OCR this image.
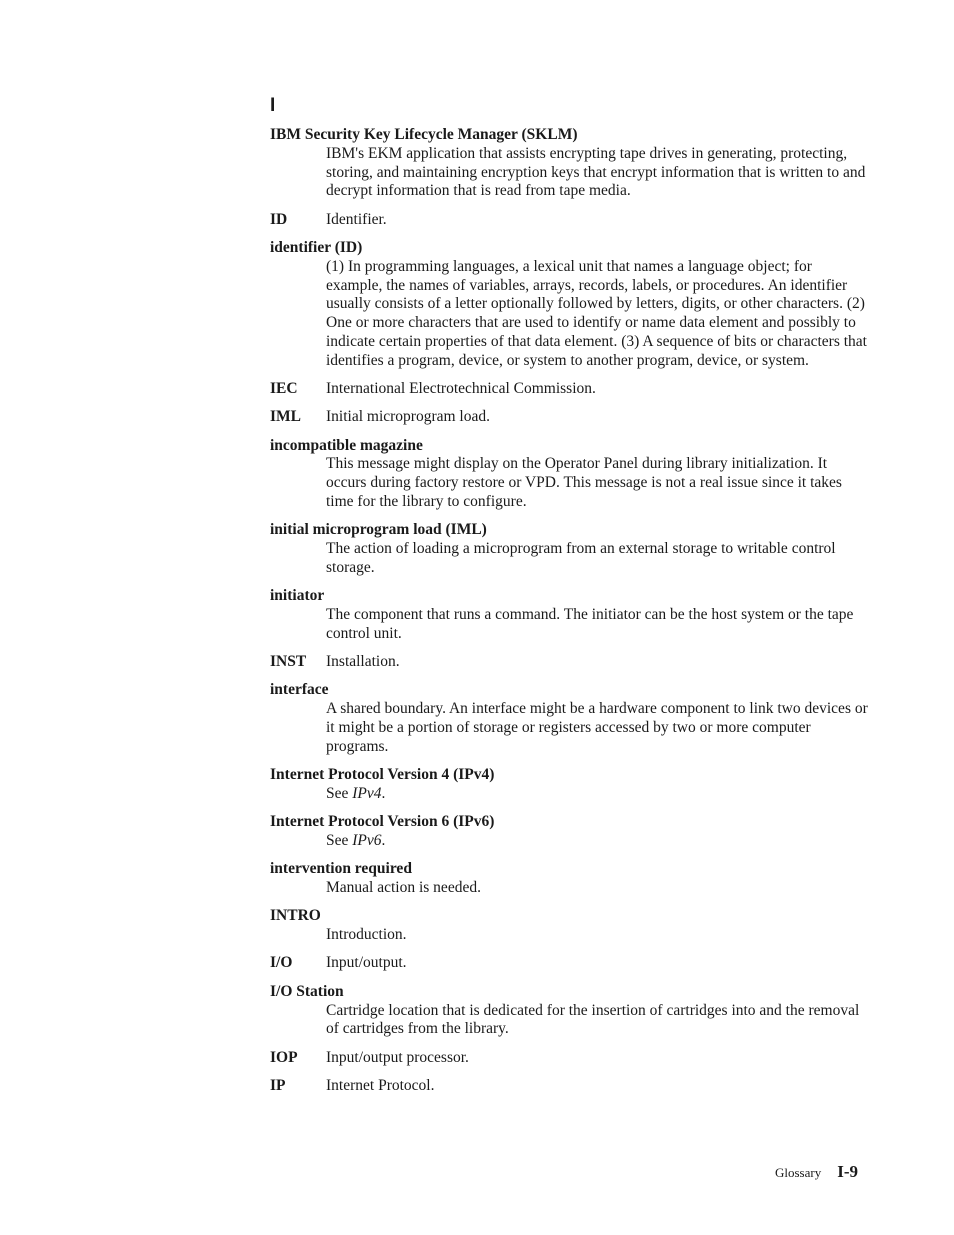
I
IBM Security Key Lifecycle Manager (SKLM)
IBM's EKM application that assists encrypting tape drives in generating, protecting, storing, and maintaining encryption keys that encrypt information that is written to and decrypt information that is read from tape media.
ID	Identifier.
identifier (ID)
(1) In programming languages, a lexical unit that names a language object; for example, the names of variables, arrays, records, labels, or procedures. An identifier usually consists of a letter optionally followed by letters, digits, or other characters. (2) One or more characters that are used to identify or name data element and possibly to indicate certain properties of that data element. (3) A sequence of bits or characters that identifies a program, device, or system to another program, device, or system.
IEC International Electrotechnical Commission.
IML Initial microprogram load.
incompatible magazine
This message might display on the Operator Panel during library initialization. It occurs during factory restore or VPD. This message is not a real issue since it takes time for the library to configure.
initial microprogram load (IML)
The action of loading a microprogram from an external storage to writable control storage.
initiator
The component that runs a command. The initiator can be the host system or the tape control unit.
INST Installation.
interface
A shared boundary. An interface might be a hardware component to link two devices or it might be a portion of storage or registers accessed by two or more computer programs.
Internet Protocol Version 4 (IPv4)
See IPv4.
Internet Protocol Version 6 (IPv6)
See IPv6.
intervention required
Manual action is needed.
INTRO
Introduction.
I/O Input/output.
I/O Station
Cartridge location that is dedicated for the insertion of cartridges into and the removal of cartridges from the library.
IOP Input/output processor.
IP	Internet Protocol.
Glossary I-9
